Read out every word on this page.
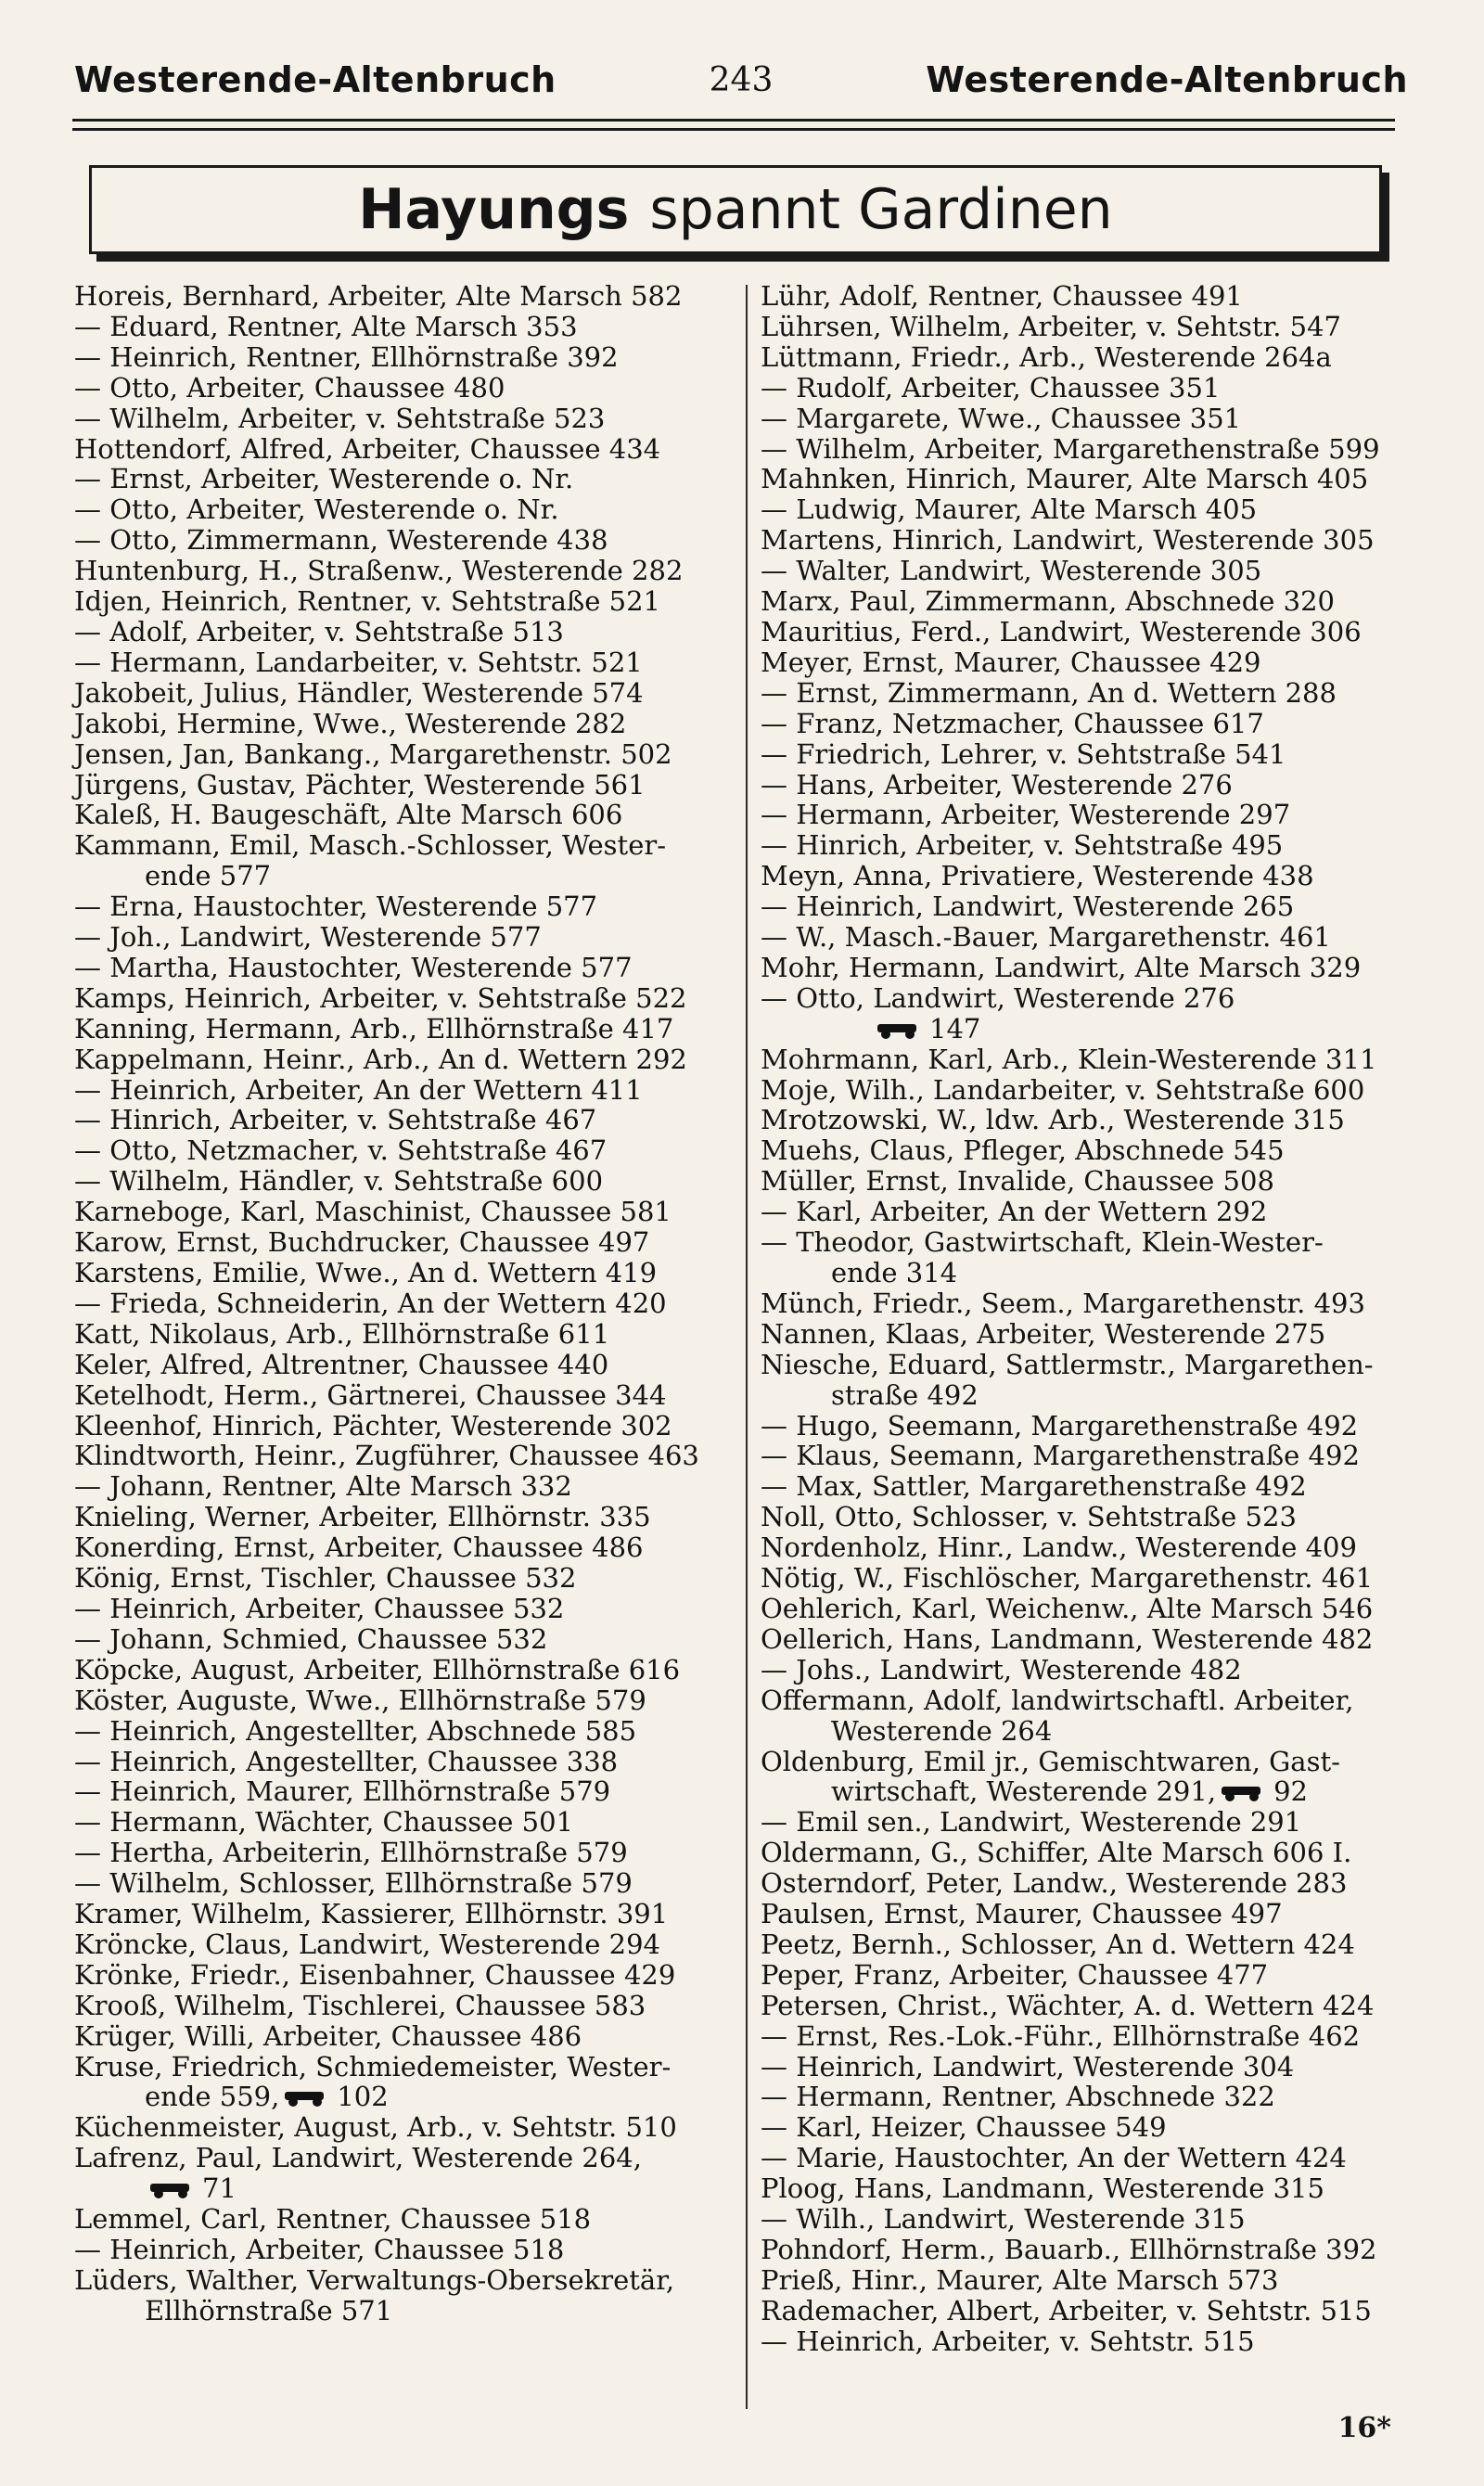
Westerende-Altenbruch	243	Westerende-Altenbruch
Hayungs spannt Gardinen
Horeis, Bernhard, Arbeiter, Alte Marsch 582
— Eduard, Rentner, Alte Marsch 353
— Heinrich, Rentner, Ellhörnstraße 392
— Otto, Arbeiter, Chaussee 480
— Wilhelm, Arbeiter, v. Sehtstraße 523
Hottendorf, Alfred, Arbeiter, Chaussee 434
— Ernst, Arbeiter, Westerende o. Nr.
— Otto, Arbeiter, Westerende o. Nr.
— Otto, Zimmermann, Westerende 438
Huntenburg, H., Straßenw., Westerende 282
Idjen, Heinrich, Rentner, v. Sehtstraße 521
— Adolf, Arbeiter, v. Sehtstraße 513
— Hermann, Landarbeiter, v. Sehtstr. 521
Jakobeit, Julius, Händler, Westerende 574
Jakobi, Hermine, Wwe., Westerende 282
Jensen, Jan, Bankang., Margarethenstr. 502
Jürgens, Gustav, Pächter, Westerende 561
Kaleß, H. Baugeschäft, Alte Marsch 606
Kammann, Emil, Masch.-Schlosser, Wester-
ende 577
— Erna, Haustochter, Westerende 577
— Joh., Landwirt, Westerende 577
— Martha, Haustochter, Westerende 577
Kamps, Heinrich, Arbeiter, v. Sehtstraße 522
Kanning, Hermann, Arb., Ellhörnstraße 417
Kappelmann, Heinr., Arb., An d. Wettern 292
— Heinrich, Arbeiter, An der Wettern 411
— Hinrich, Arbeiter, v. Sehtstraße 467
— Otto, Netzmacher, v. Sehtstraße 467
— Wilhelm, Händler, v. Sehtstraße 600
Karneboge, Karl, Maschinist, Chaussee 581
Karow, Ernst, Buchdrucker, Chaussee 497
Karstens, Emilie, Wwe., An d. Wettern 419
— Frieda, Schneiderin, An der Wettern 420
Katt, Nikolaus, Arb., Ellhörnstraße 611
Keler, Alfred, Altrentner, Chaussee 440
Ketelhodt, Herm., Gärtnerei, Chaussee 344
Kleenhof, Hinrich, Pächter, Westerende 302
Klindtworth, Heinr., Zugführer, Chaussee 463
— Johann, Rentner, Alte Marsch 332
Knieling, Werner, Arbeiter, Ellhörnstr. 335
Konerding, Ernst, Arbeiter, Chaussee 486
König, Ernst, Tischler, Chaussee 532
— Heinrich, Arbeiter, Chaussee 532
— Johann, Schmied, Chaussee 532
Köpcke, August, Arbeiter, Ellhörnstraße 616
Köster, Auguste, Wwe., Ellhörnstraße 579
— Heinrich, Angestellter, Abschnede 585
— Heinrich, Angestellter, Chaussee 338
— Heinrich, Maurer, Ellhörnstraße 579
— Hermann, Wächter, Chaussee 501
— Hertha, Arbeiterin, Ellhörnstraße 579
— Wilhelm, Schlosser, Ellhörnstraße 579
Kramer, Wilhelm, Kassierer, Ellhörnstr. 391
Kröncke, Claus, Landwirt, Westerende 294
Krönke, Friedr., Eisenbahner, Chaussee 429
Krooß, Wilhelm, Tischlerei, Chaussee 583
Krüger, Willi, Arbeiter, Chaussee 486
Kruse, Friedrich, Schmiedemeister, Wester-
ende 559, 102
Küchenmeister, August, Arb., v. Sehtstr. 510
Lafrenz, Paul, Landwirt, Westerende 264,
71
Lemmel, Carl, Rentner, Chaussee 518
— Heinrich, Arbeiter, Chaussee 518
Lüders, Walther, Verwaltungs-Obersekretär,
Ellhörnstraße 571
Lühr, Adolf, Rentner, Chaussee 491
Lührsen, Wilhelm, Arbeiter, v. Sehtstr. 547
Lüttmann, Friedr., Arb., Westerende 264a
— Rudolf, Arbeiter, Chaussee 351
— Margarete, Wwe., Chaussee 351
— Wilhelm, Arbeiter, Margarethenstraße 599
Mahnken, Hinrich, Maurer, Alte Marsch 405
— Ludwig, Maurer, Alte Marsch 405
Martens, Hinrich, Landwirt, Westerende 305
— Walter, Landwirt, Westerende 305
Marx, Paul, Zimmermann, Abschnede 320
Mauritius, Ferd., Landwirt, Westerende 306
Meyer, Ernst, Maurer, Chaussee 429
— Ernst, Zimmermann, An d. Wettern 288
— Franz, Netzmacher, Chaussee 617
— Friedrich, Lehrer, v. Sehtstraße 541
— Hans, Arbeiter, Westerende 276
— Hermann, Arbeiter, Westerende 297
— Hinrich, Arbeiter, v. Sehtstraße 495
Meyn, Anna, Privatiere, Westerende 438
— Heinrich, Landwirt, Westerende 265
— W., Masch.-Bauer, Margarethenstr. 461
Mohr, Hermann, Landwirt, Alte Marsch 329
— Otto, Landwirt, Westerende 276
147
Mohrmann, Karl, Arb., Klein-Westerende 311
Moje, Wilh., Landarbeiter, v. Sehtstraße 600
Mrotzowski, W., ldw. Arb., Westerende 315
Muehs, Claus, Pfleger, Abschnede 545
Müller, Ernst, Invalide, Chaussee 508
— Karl, Arbeiter, An der Wettern 292
— Theodor, Gastwirtschaft, Klein-Wester-
ende 314
Münch, Friedr., Seem., Margarethenstr. 493
Nannen, Klaas, Arbeiter, Westerende 275
Niesche, Eduard, Sattlermstr., Margarethen-
straße 492
— Hugo, Seemann, Margarethenstraße 492
— Klaus, Seemann, Margarethenstraße 492
— Max, Sattler, Margarethenstraße 492
Noll, Otto, Schlosser, v. Sehtstraße 523
Nordenholz, Hinr., Landw., Westerende 409
Nötig, W., Fischlöscher, Margarethenstr. 461
Oehlerich, Karl, Weichenw., Alte Marsch 546
Oellerich, Hans, Landmann, Westerende 482
— Johs., Landwirt, Westerende 482
Offermann, Adolf, landwirtschaftl. Arbeiter,
Westerende 264
Oldenburg, Emil jr., Gemischtwaren, Gast-
wirtschaft, Westerende 291, 92
— Emil sen., Landwirt, Westerende 291
Oldermann, G., Schiffer, Alte Marsch 606 I.
Osterndorf, Peter, Landw., Westerende 283
Paulsen, Ernst, Maurer, Chaussee 497
Peetz, Bernh., Schlosser, An d. Wettern 424
Peper, Franz, Arbeiter, Chaussee 477
Petersen, Christ., Wächter, A. d. Wettern 424
— Ernst, Res.-Lok.-Führ., Ellhörnstraße 462
— Heinrich, Landwirt, Westerende 304
— Hermann, Rentner, Abschnede 322
— Karl, Heizer, Chaussee 549
— Marie, Haustochter, An der Wettern 424
Ploog, Hans, Landmann, Westerende 315
— Wilh., Landwirt, Westerende 315
Pohndorf, Herm., Bauarb., Ellhörnstraße 392
Prieß, Hinr., Maurer, Alte Marsch 573
Rademacher, Albert, Arbeiter, v. Sehtstr. 515
— Heinrich, Arbeiter, v. Sehtstr. 515
16*
